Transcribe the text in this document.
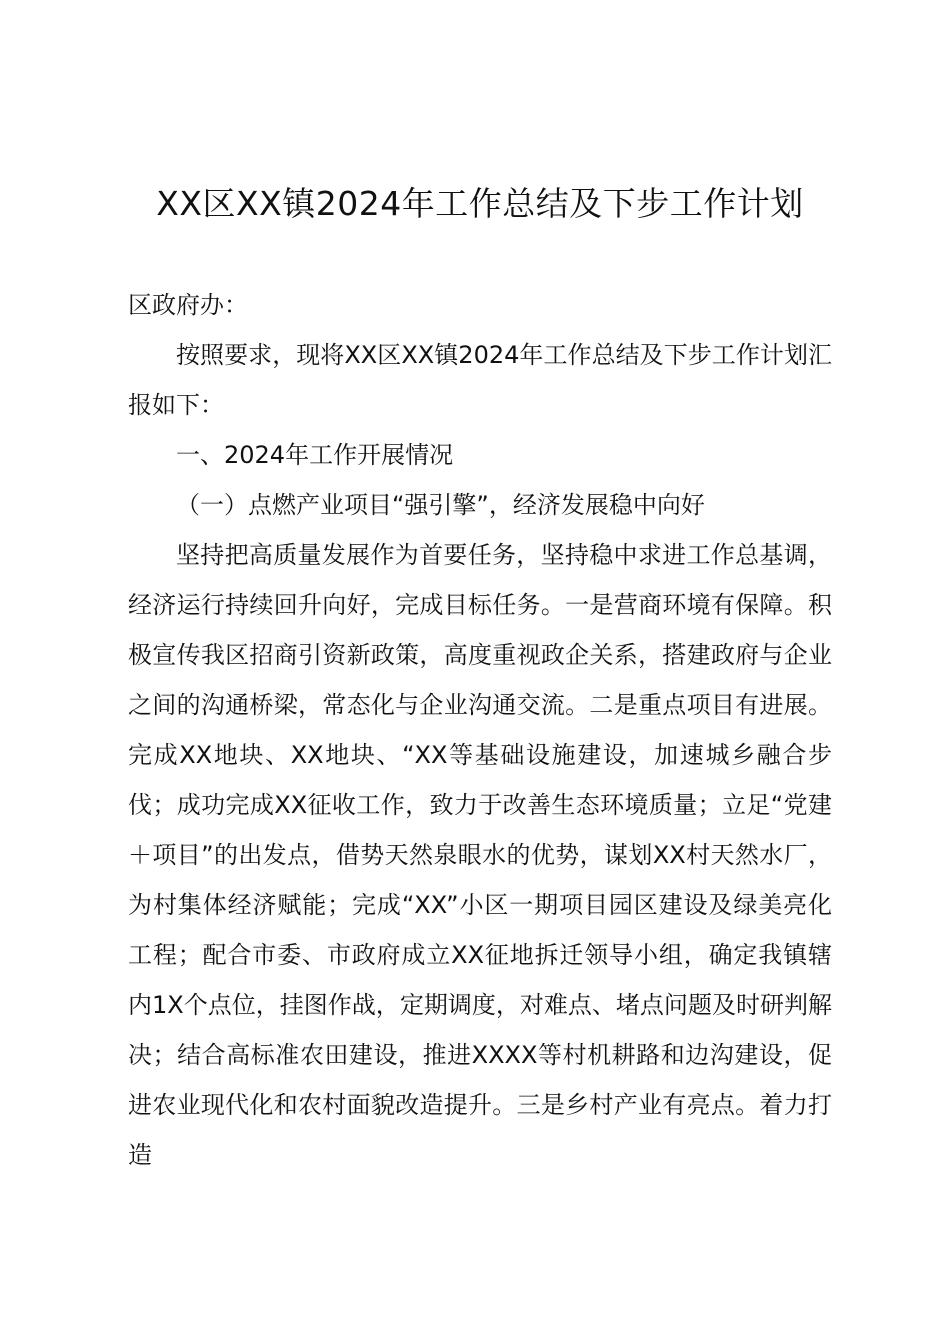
XX区XX镇2024年工作总结及下步工作计划

区政府办：

按照要求，现将XX区XX镇2024年工作总结及下步工作计划汇报如下：

一、2024年工作开展情况

（一）点燃产业项目“强引擎”，经济发展稳中向好

坚持把高质量发展作为首要任务，坚持稳中求进工作总基调，经济运行持续回升向好，完成目标任务。一是营商环境有保障。积极宣传我区招商引资新政策，高度重视政企关系，搭建政府与企业之间的沟通桥梁，常态化与企业沟通交流。二是重点项目有进展。完成XX地块、XX地块、“XX等基础设施建设，加速城乡融合步伐；成功完成XX征收工作，致力于改善生态环境质量；立足“党建＋项目”的出发点，借势天然泉眼水的优势，谋划XX村天然水厂，为村集体经济赋能；完成“XX”小区一期项目园区建设及绿美亮化工程；配合市委、市政府成立XX征地拆迁领导小组，确定我镇辖内1X个点位，挂图作战，定期调度，对难点、堵点问题及时研判解决；结合高标准农田建设，推进XXXX等村机耕路和边沟建设，促进农业现代化和农村面貌改造提升。三是乡村产业有亮点。着力打造
